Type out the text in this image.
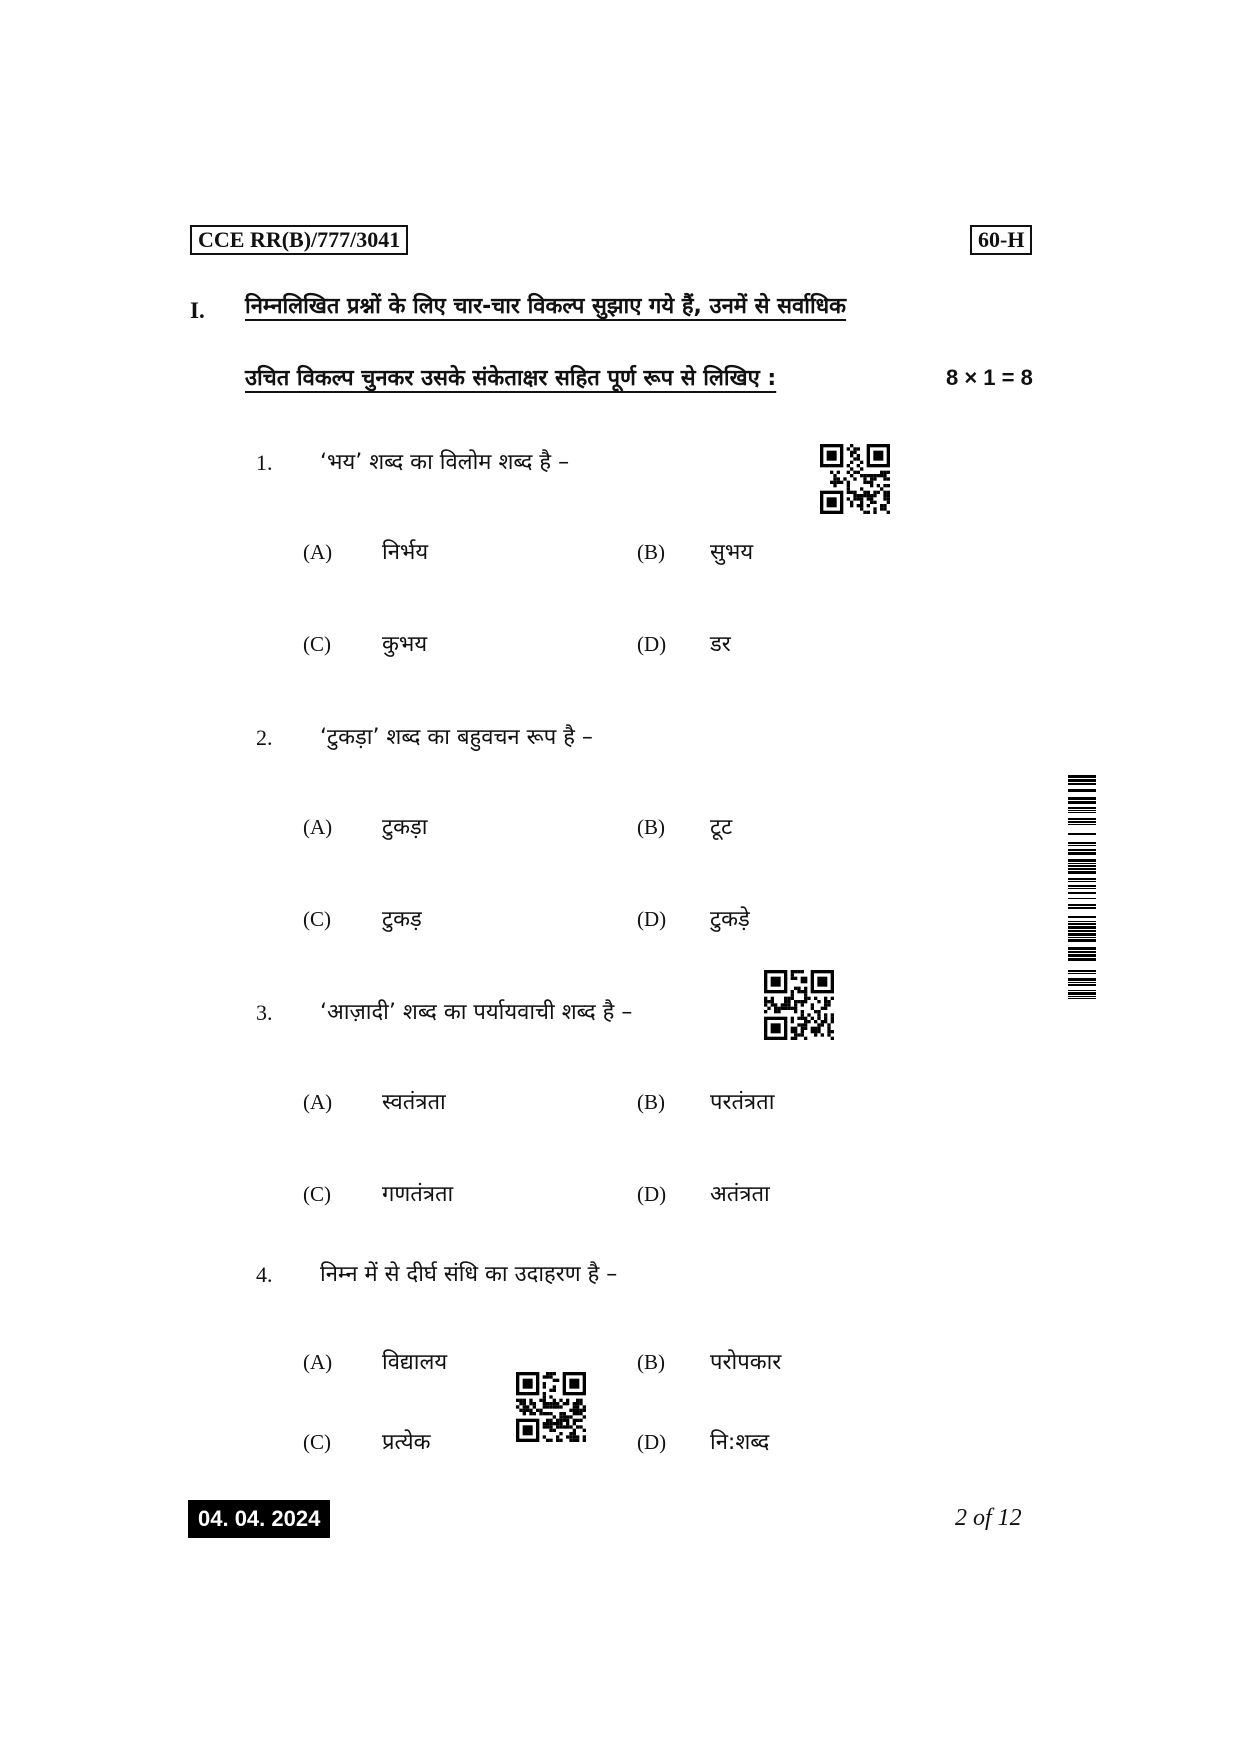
CCE RR(B)/777/3041	60-H
I. निम्नलिखित प्रश्नों के लिए चार-चार विकल्प सुझाए गये हैं, उनमें से सर्वाधिक
उचित विकल्प चुनकर उसके संकेताक्षर सहित पूर्ण रूप से लिखिए :	8 × 1 = 8
1. ‘भय’ शब्द का विलोम शब्द है –
(A) निर्भय	(B) सुभय
(C) कुभय	(D) डर
2. ‘टुकड़ा’ शब्द का बहुवचन रूप है –
(A) टुकड़ा	(B) टूट
(C) टुकड़	(D) टुकड़े
3. ‘आज़ादी’ शब्द का पर्यायवाची शब्द है –
(A) स्वतंत्रता	(B) परतंत्रता
(C) गणतंत्रता	(D) अतंत्रता
4. निम्न में से दीर्घ संधि का उदाहरण है –
(A) विद्यालय	(B) परोपकार
(C) प्रत्येक	(D) नि:शब्द
04. 04. 2024	2 of 12
